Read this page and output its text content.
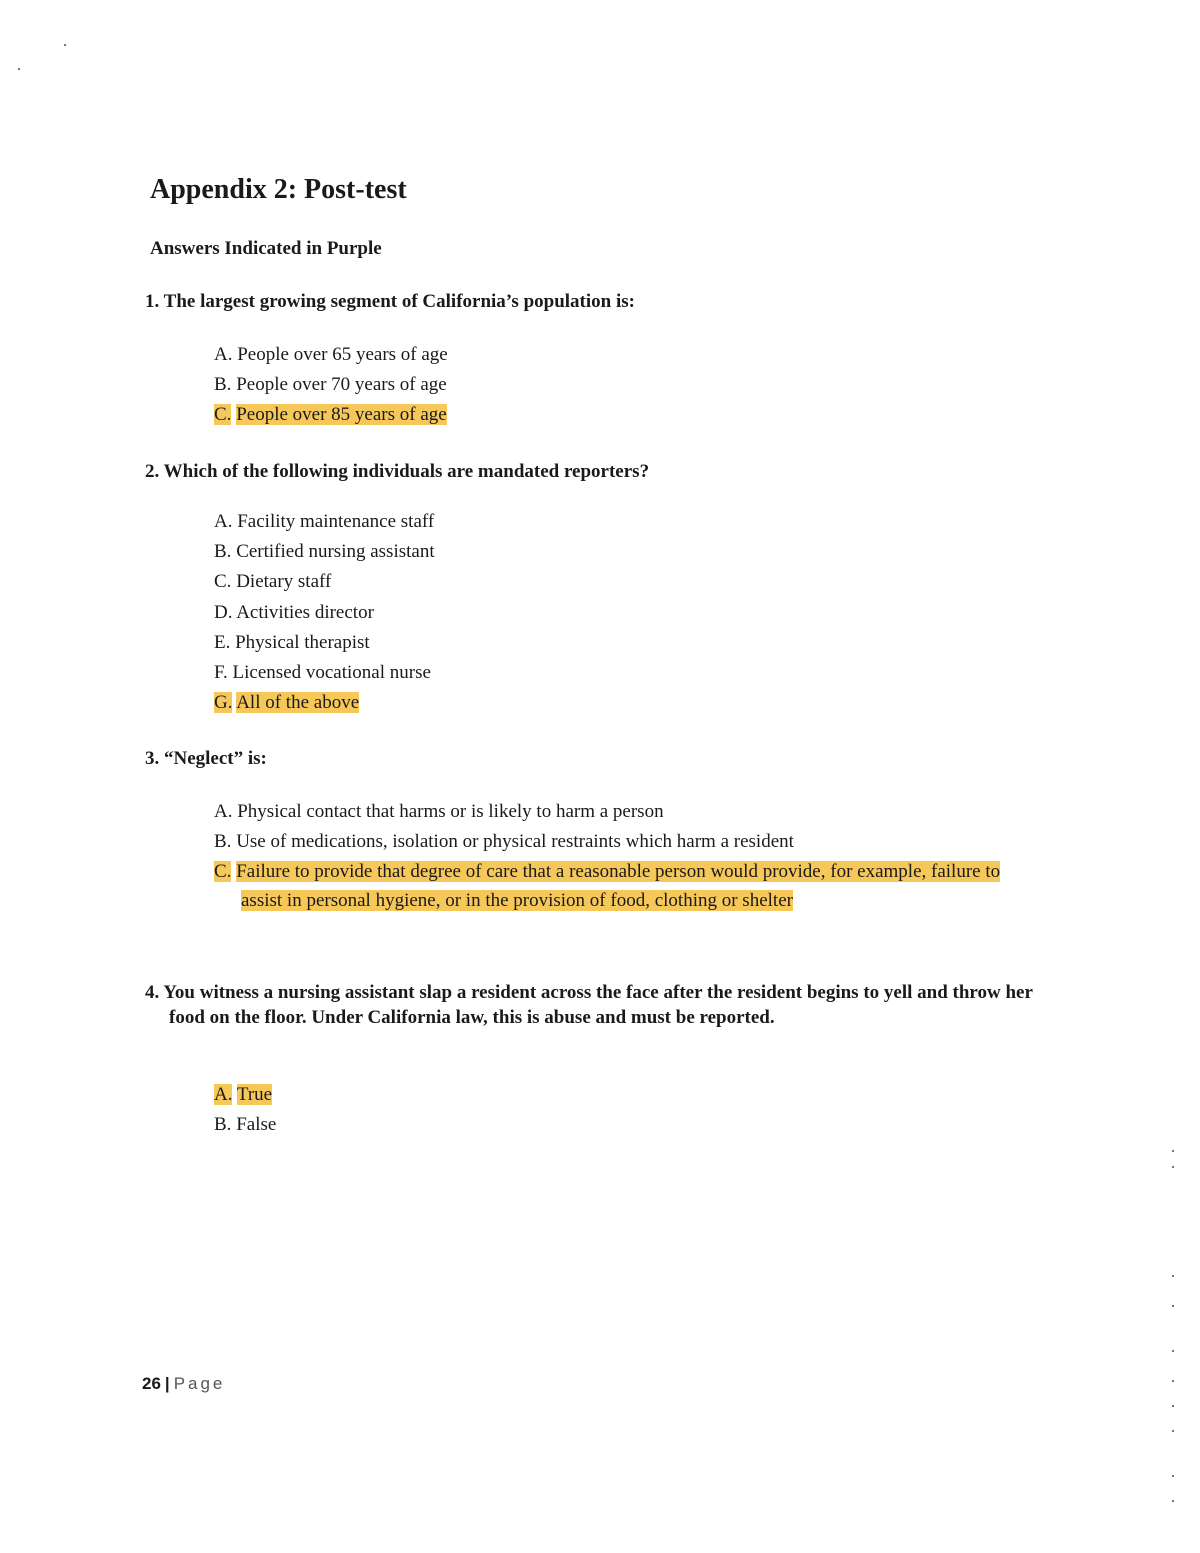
Appendix 2: Post-test
Answers Indicated in Purple
1. The largest growing segment of California’s population is:
A. People over 65 years of age
B. People over 70 years of age
C. People over 85 years of age
2. Which of the following individuals are mandated reporters?
A. Facility maintenance staff
B. Certified nursing assistant
C. Dietary staff
D. Activities director
E. Physical therapist
F. Licensed vocational nurse
G. All of the above
3. “Neglect” is:
A. Physical contact that harms or is likely to harm a person
B. Use of medications, isolation or physical restraints which harm a resident
C. Failure to provide that degree of care that a reasonable person would provide, for example, failure to assist in personal hygiene, or in the provision of food, clothing or shelter
4. You witness a nursing assistant slap a resident across the face after the resident begins to yell and throw her food on the floor. Under California law, this is abuse and must be reported.
A. True
B. False
26 | Page
